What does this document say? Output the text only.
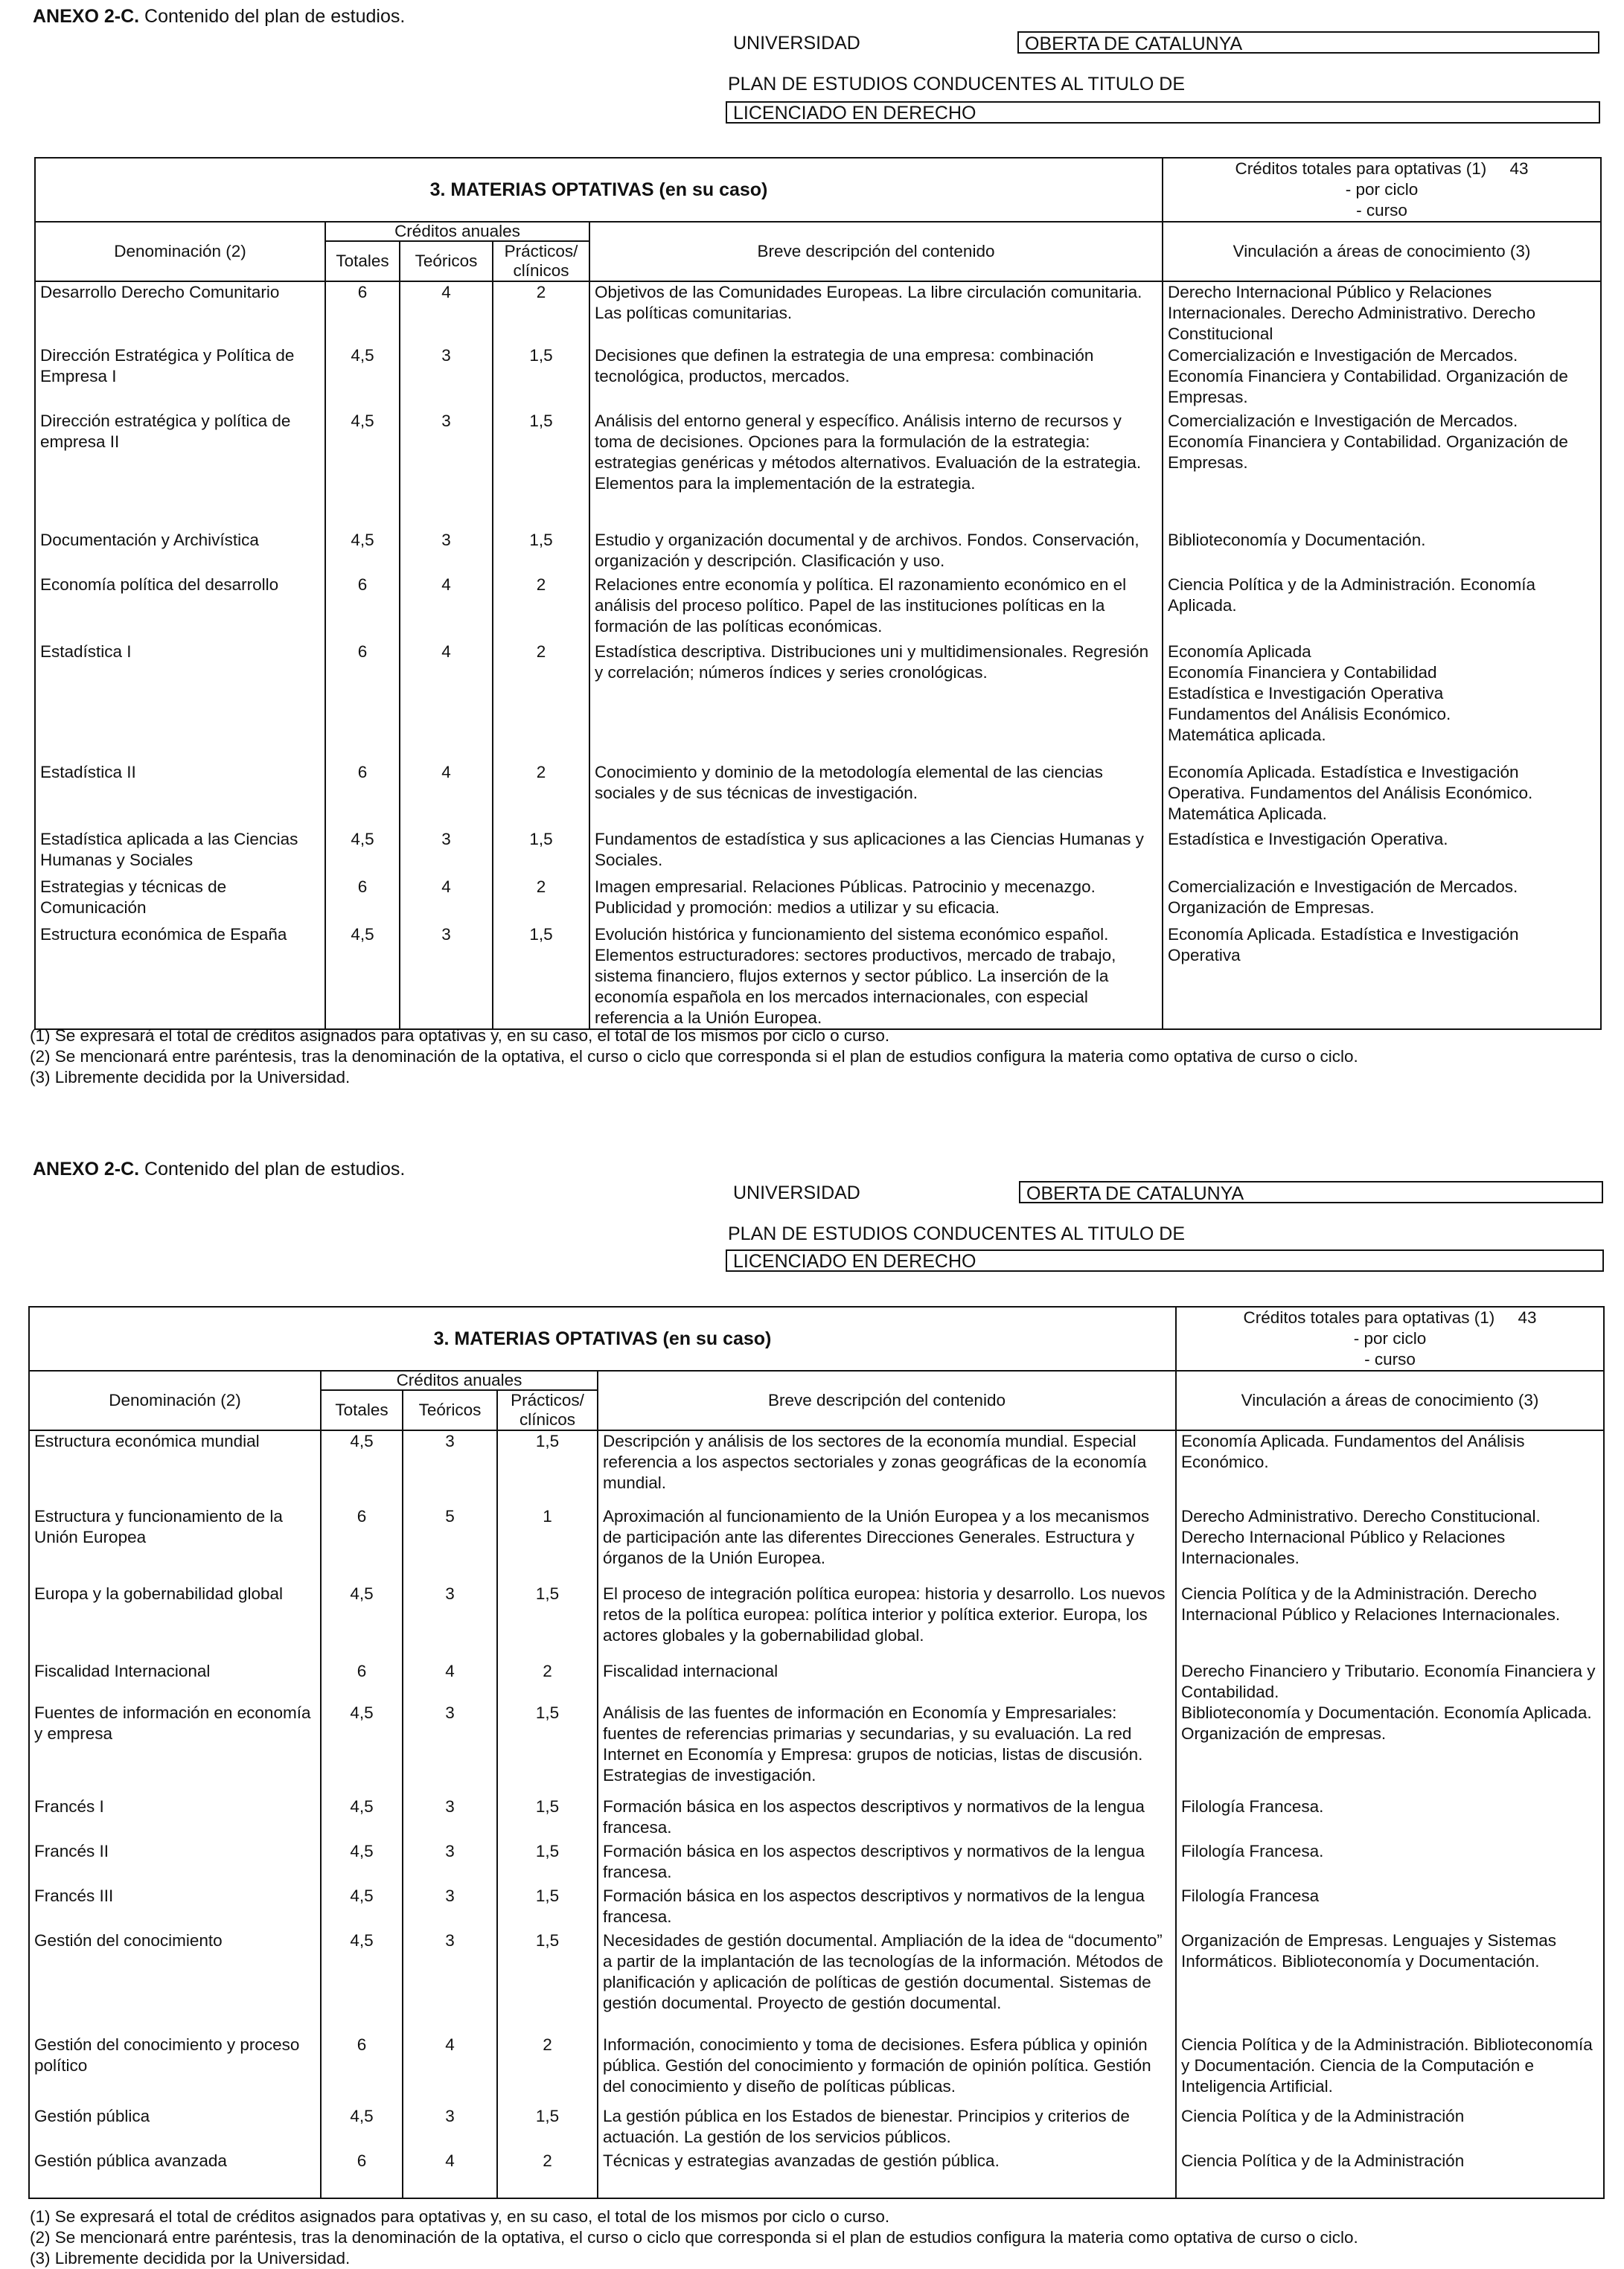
ANEXO 2-C. Contenido del plan de estudios.
UNIVERSIDAD	OBERTA DE CATALUNYA
PLAN DE ESTUDIOS CONDUCENTES AL TITULO DE
LICENCIADO EN DERECHO
3. MATERIAS OPTATIVAS (en su caso)					Créditos totales para optativas (1) 43
- por ciclo
- curso

Denominación (2)	Créditos anuales			Breve descripción del contenido	Vinculación a áreas de conocimiento (3)
	Totales	Teóricos	Prácticos/ clínicos		
Desarrollo Derecho Comunitario	6	4	2	Objetivos de las Comunidades Europeas. La libre circulación comunitaria. Las políticas comunitarias.	Derecho Internacional Público y Relaciones Internacionales. Derecho Administrativo. Derecho Constitucional
Dirección Estratégica y Política de Empresa I	4,5	3	1,5	Decisiones que definen la estrategia de una empresa: combinación tecnológica, productos, mercados.	Comercialización e Investigación de Mercados. Economía Financiera y Contabilidad. Organización de Empresas.
Dirección estratégica y política de empresa II	4,5	3	1,5	Análisis del entorno general y específico. Análisis interno de recursos y toma de decisiones. Opciones para la formulación de la estrategia: estrategias genéricas y métodos alternativos. Evaluación de la estrategia. Elementos para la implementación de la estrategia.	Comercialización e Investigación de Mercados. Economía Financiera y Contabilidad. Organización de Empresas.
Documentación y Archivística	4,5	3	1,5	Estudio y organización documental y de archivos. Fondos. Conservación, organización y descripción. Clasificación y uso.	Biblioteconomía y Documentación.
Economía política del desarrollo	6	4	2	Relaciones entre economía y política. El razonamiento económico en el análisis del proceso político. Papel de las instituciones políticas en la formación de las políticas económicas.	Ciencia Política y de la Administración. Economía Aplicada.
Estadística I	6	4	2	Estadística descriptiva. Distribuciones uni y multidimensionales. Regresión y correlación; números índices y series cronológicas.	Economía Aplicada
Economía Financiera y Contabilidad
Estadística e Investigación Operativa
Fundamentos del Análisis Económico.
Matemática aplicada.
Estadística II	6	4	2	Conocimiento y dominio de la metodología elemental de las ciencias sociales y de sus técnicas de investigación.	Economía Aplicada. Estadística e Investigación Operativa. Fundamentos del Análisis Económico. Matemática Aplicada.
Estadística aplicada a las Ciencias Humanas y Sociales	4,5	3	1,5	Fundamentos de estadística y sus aplicaciones a las Ciencias Humanas y Sociales.	Estadística e Investigación Operativa.
Estrategias y técnicas de Comunicación	6	4	2	Imagen empresarial. Relaciones Públicas. Patrocinio y mecenazgo. Publicidad y promoción: medios a utilizar y su eficacia.	Comercialización e Investigación de Mercados. Organización de Empresas.
Estructura económica de España	4,5	3	1,5	Evolución histórica y funcionamiento del sistema económico español. Elementos estructuradores: sectores productivos, mercado de trabajo, sistema financiero, flujos externos y sector público. La inserción de la economía española en los mercados internacionales, con especial referencia a la Unión Europea.	Economía Aplicada. Estadística e Investigación Operativa
(1) Se expresará el total de créditos asignados para optativas y, en su caso, el total de los mismos por ciclo o curso.
(2) Se mencionará entre paréntesis, tras la denominación de la optativa, el curso o ciclo que corresponda si el plan de estudios configura la materia como optativa de curso o ciclo.
(3) Libremente decidida por la Universidad.
ANEXO 2-C. Contenido del plan de estudios.
UNIVERSIDAD	OBERTA DE CATALUNYA
PLAN DE ESTUDIOS CONDUCENTES AL TITULO DE
LICENCIADO EN DERECHO
3. MATERIAS OPTATIVAS (en su caso)					Créditos totales para optativas (1) 43
- por ciclo
- curso

Denominación (2)	Créditos anuales			Breve descripción del contenido	Vinculación a áreas de conocimiento (3)
	Totales	Teóricos	Prácticos/ clínicos		
Estructura económica mundial	4,5	3	1,5	Descripción y análisis de los sectores de la economía mundial. Especial referencia a los aspectos sectoriales y zonas geográficas de la economía mundial.	Economía Aplicada. Fundamentos del Análisis Económico.
Estructura y funcionamiento de la Unión Europea	6	5	1	Aproximación al funcionamiento de la Unión Europea y a los mecanismos de participación ante las diferentes Direcciones Generales. Estructura y órganos de la Unión Europea.	Derecho Administrativo. Derecho Constitucional. Derecho Internacional Público y Relaciones Internacionales.
Europa y la gobernabilidad global	4,5	3	1,5	El proceso de integración política europea: historia y desarrollo. Los nuevos retos de la política europea: política interior y política exterior. Europa, los actores globales y la gobernabilidad global.	Ciencia Política y de la Administración. Derecho Internacional Público y Relaciones Internacionales.
Fiscalidad Internacional	6	4	2	Fiscalidad internacional	Derecho Financiero y Tributario. Economía Financiera y Contabilidad.
Fuentes de información en economía y empresa	4,5	3	1,5	Análisis de las fuentes de información en Economía y Empresariales: fuentes de referencias primarias y secundarias, y su evaluación. La red Internet en Economía y Empresa: grupos de noticias, listas de discusión. Estrategias de investigación.	Biblioteconomía y Documentación. Economía Aplicada. Organización de empresas.
Francés I	4,5	3	1,5	Formación básica en los aspectos descriptivos y normativos de la lengua francesa.	Filología Francesa.
Francés II	4,5	3	1,5	Formación básica en los aspectos descriptivos y normativos de la lengua francesa.	Filología Francesa.
Francés III	4,5	3	1,5	Formación básica en los aspectos descriptivos y normativos de la lengua francesa.	Filología Francesa
Gestión del conocimiento	4,5	3	1,5	Necesidades de gestión documental. Ampliación de la idea de “documento” a partir de la implantación de las tecnologías de la información. Métodos de planificación y aplicación de políticas de gestión documental. Sistemas de gestión documental. Proyecto de gestión documental.	Organización de Empresas. Lenguajes y Sistemas Informáticos. Biblioteconomía y Documentación.
Gestión del conocimiento y proceso político	6	4	2	Información, conocimiento y toma de decisiones. Esfera pública y opinión pública. Gestión del conocimiento y formación de opinión política. Gestión del conocimiento y diseño de políticas públicas.	Ciencia Política y de la Administración. Biblioteconomía y Documentación. Ciencia de la Computación e Inteligencia Artificial.
Gestión pública	4,5	3	1,5	La gestión pública en los Estados de bienestar. Principios y criterios de actuación. La gestión de los servicios públicos.	Ciencia Política y de la Administración
Gestión pública avanzada	6	4	2	Técnicas y estrategias avanzadas de gestión pública.	Ciencia Política y de la Administración
(1) Se expresará el total de créditos asignados para optativas y, en su caso, el total de los mismos por ciclo o curso.
(2) Se mencionará entre paréntesis, tras la denominación de la optativa, el curso o ciclo que corresponda si el plan de estudios configura la materia como optativa de curso o ciclo.
(3) Libremente decidida por la Universidad.
